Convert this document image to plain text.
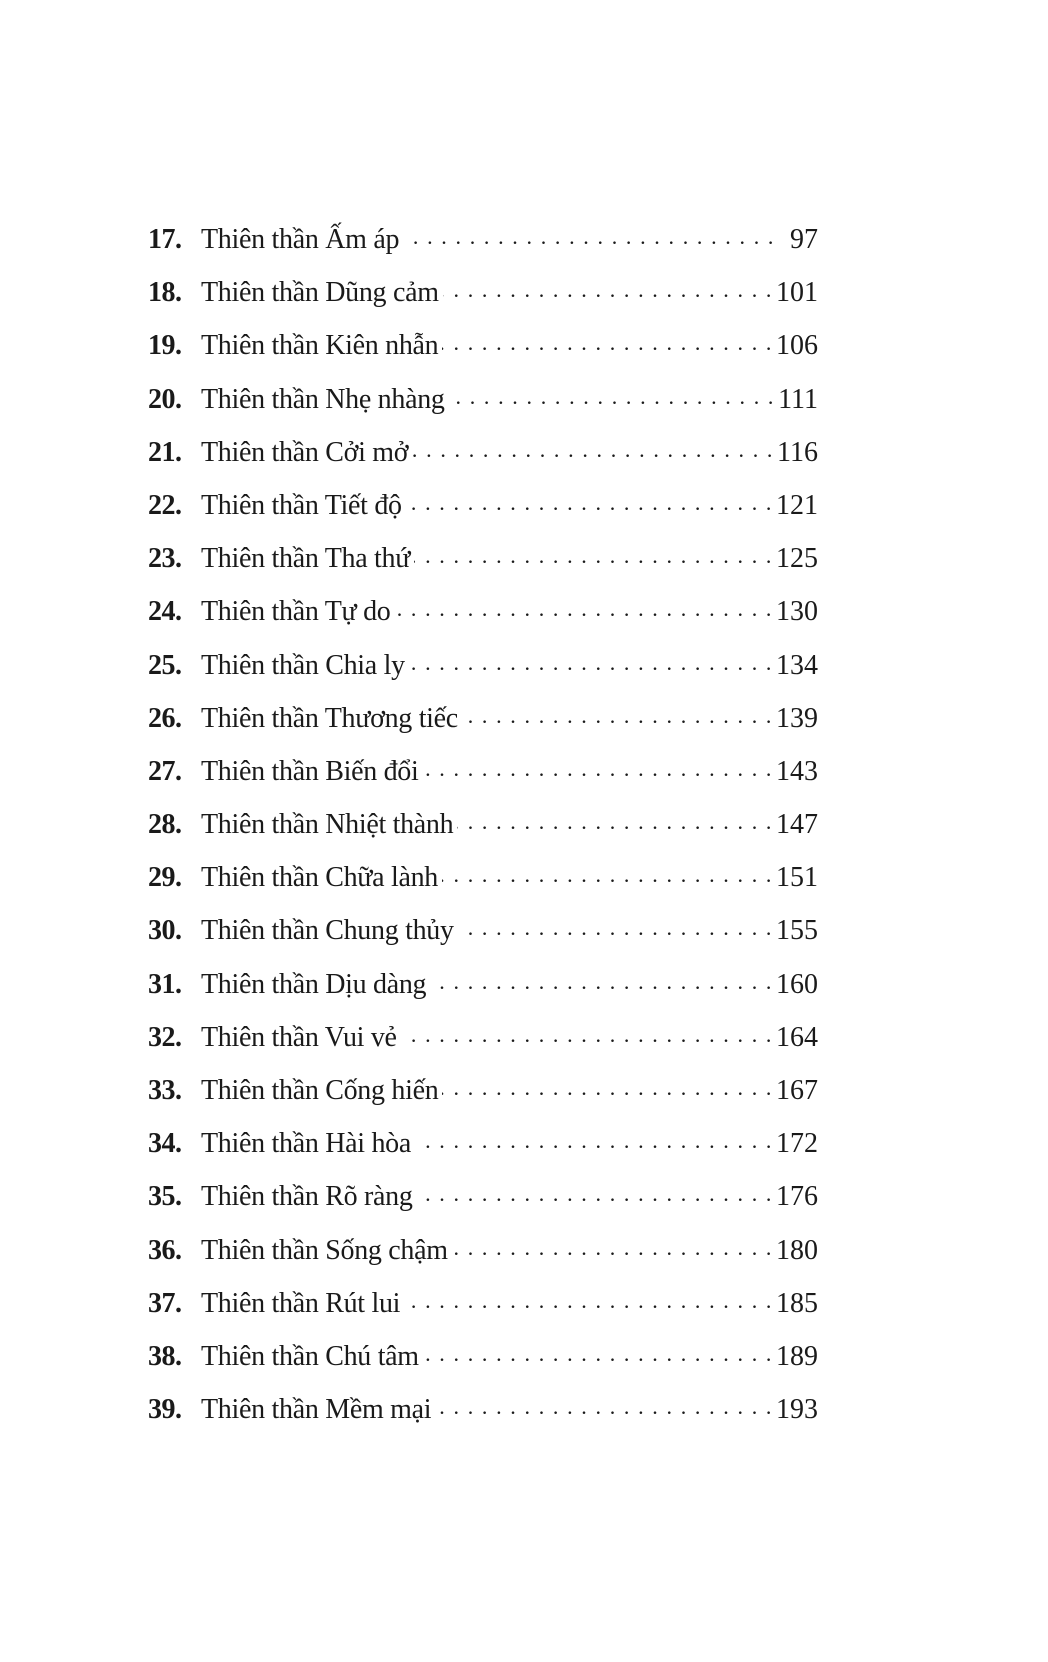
17. Thiên thần Ấm áp . . .	97
18. Thiên thần Dũng cảm . . .	101
19. Thiên thần Kiên nhẫn . . .	106
20. Thiên thần Nhẹ nhàng . . .	111
21. Thiên thần Cởi mở . . .	116
22. Thiên thần Tiết độ . . .	121
23. Thiên thần Tha thứ . . .	125
24. Thiên thần Tự do . . .	130
25. Thiên thần Chia ly . . .	134
26. Thiên thần Thương tiếc . . .	139
27. Thiên thần Biến đổi . . .	143
28. Thiên thần Nhiệt thành . . .	147
29. Thiên thần Chữa lành . . .	151
30. Thiên thần Chung thủy . . .	155
31. Thiên thần Dịu dàng . . .	160
32. Thiên thần Vui vẻ . . .	164
33. Thiên thần Cống hiến . . .	167
34. Thiên thần Hài hòa . . .	172
35. Thiên thần Rõ ràng . . .	176
36. Thiên thần Sống chậm . . .	180
37. Thiên thần Rút lui . . .	185
38. Thiên thần Chú tâm . . .	189
39. Thiên thần Mềm mại . . .	193
